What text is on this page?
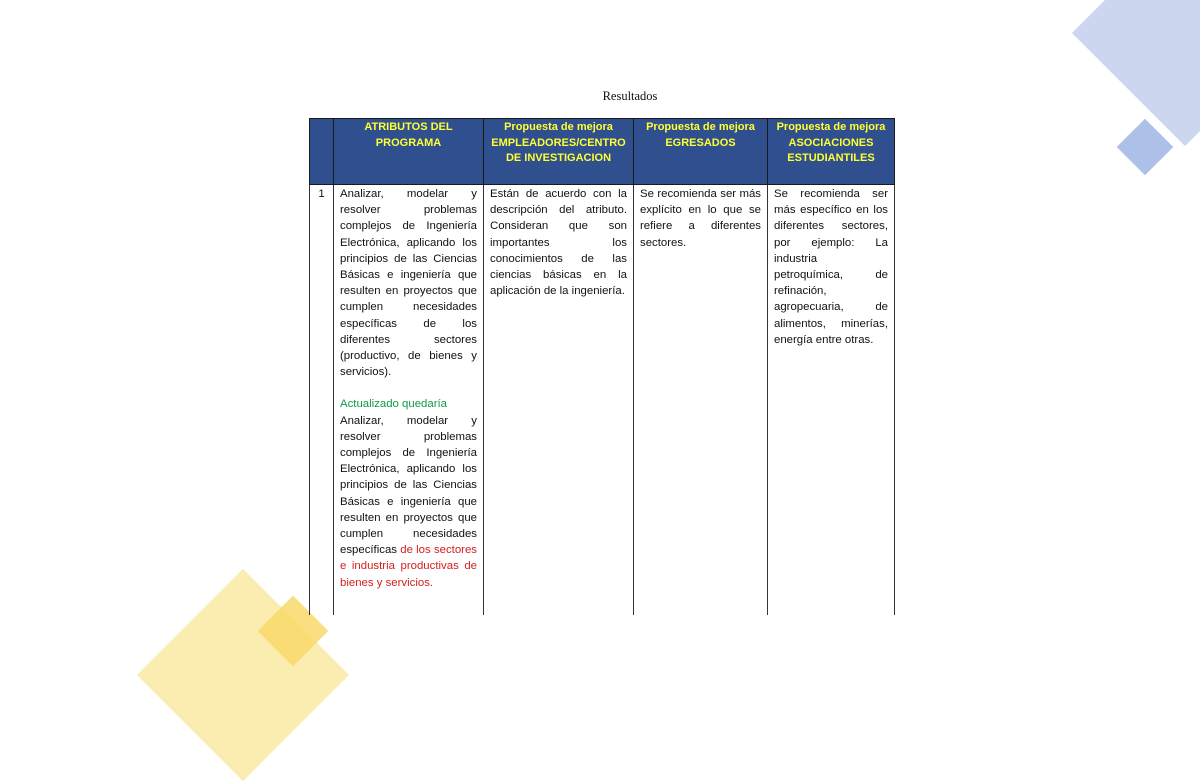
Resultados
	ATRIBUTOS DEL PROGRAMA	Propuesta de mejora EMPLEADORES/CENTRO DE INVESTIGACION	Propuesta de mejora EGRESADOS	Propuesta de mejora ASOCIACIONES ESTUDIANTILES
1	Analizar, modelar y resolver problemas complejos de Ingeniería Electrónica, aplicando los principios de las Ciencias Básicas e ingeniería que resulten en proyectos que cumplen necesidades específicas de los diferentes sectores (productivo, de bienes y servicios).

Actualizado quedaría

Analizar, modelar y resolver problemas complejos de Ingeniería Electrónica, aplicando los principios de las Ciencias Básicas e ingeniería que resulten en proyectos que cumplen necesidades específicas de los sectores e industria productivas de bienes y servicios.	Están de acuerdo con la descripción del atributo. Consideran que son importantes los conocimientos de las ciencias básicas en la aplicación de la ingeniería.	Se recomienda ser más explícito en lo que se refiere a diferentes sectores.	Se recomienda ser más específico en los diferentes sectores, por ejemplo: La industria petroquímica, de refinación, agropecuaria, de alimentos, minerías, energía entre otras.
